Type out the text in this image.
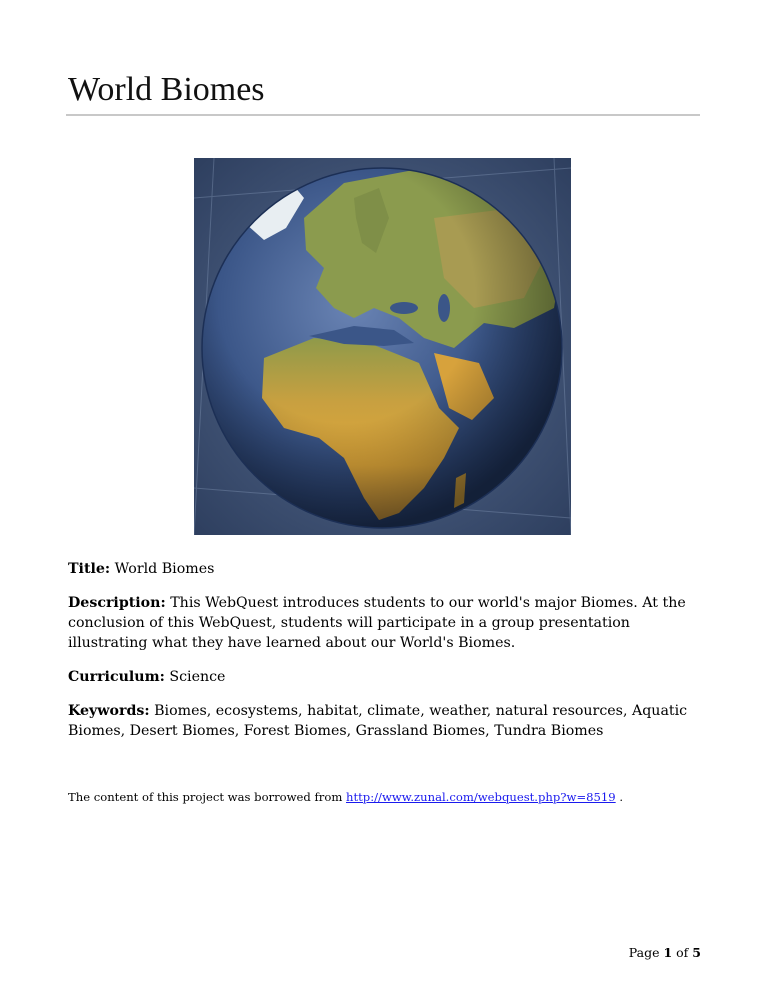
World Biomes

Title: World Biomes

Description: This WebQuest introduces students to our world's major Biomes. At the conclusion of this WebQuest, students will participate in a group presentation illustrating what they have learned about our World's Biomes.

Curriculum: Science

Keywords: Biomes, ecosystems, habitat, climate, weather, natural resources, Aquatic Biomes, Desert Biomes, Forest Biomes, Grassland Biomes, Tundra Biomes

The content of this project was borrowed from http://www.zunal.com/webquest.php?w=8519 .
Page 1 of 5
